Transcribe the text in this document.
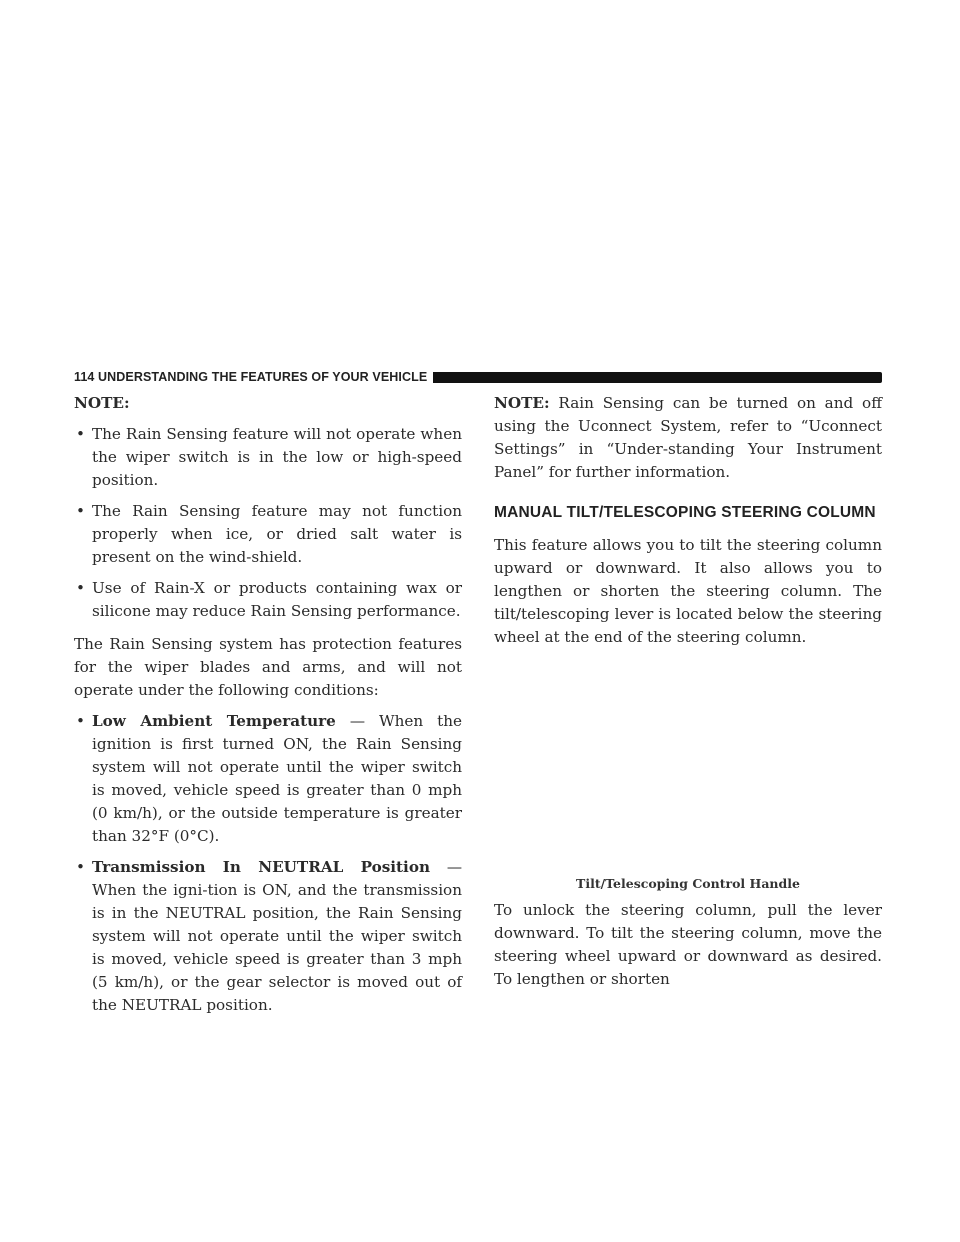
114 UNDERSTANDING THE FEATURES OF YOUR VEHICLE

NOTE:

• The Rain Sensing feature will not operate when the wiper switch is in the low or high-speed position.
• The Rain Sensing feature may not function properly when ice, or dried salt water is present on the wind-shield.
• Use of Rain-X or products containing wax or silicone may reduce Rain Sensing performance.

The Rain Sensing system has protection features for the wiper blades and arms, and will not operate under the following conditions:

• Low Ambient Temperature — When the ignition is first turned ON, the Rain Sensing system will not operate until the wiper switch is moved, vehicle speed is greater than 0 mph (0 km/h), or the outside temperature is greater than 32°F (0°C).
• Transmission In NEUTRAL Position — When the igni-tion is ON, and the transmission is in the NEUTRAL position, the Rain Sensing system will not operate until the wiper switch is moved, vehicle speed is greater than 3 mph (5 km/h), or the gear selector is moved out of the NEUTRAL position.

NOTE: Rain Sensing can be turned on and off using the Uconnect System, refer to “Uconnect Settings” in “Under-standing Your Instrument Panel” for further information.

MANUAL TILT/TELESCOPING STEERING COLUMN

This feature allows you to tilt the steering column upward or downward. It also allows you to lengthen or shorten the steering column. The tilt/telescoping lever is located below the steering wheel at the end of the steering column.

Tilt/Telescoping Control Handle

To unlock the steering column, pull the lever downward. To tilt the steering column, move the steering wheel upward or downward as desired. To lengthen or shorten
